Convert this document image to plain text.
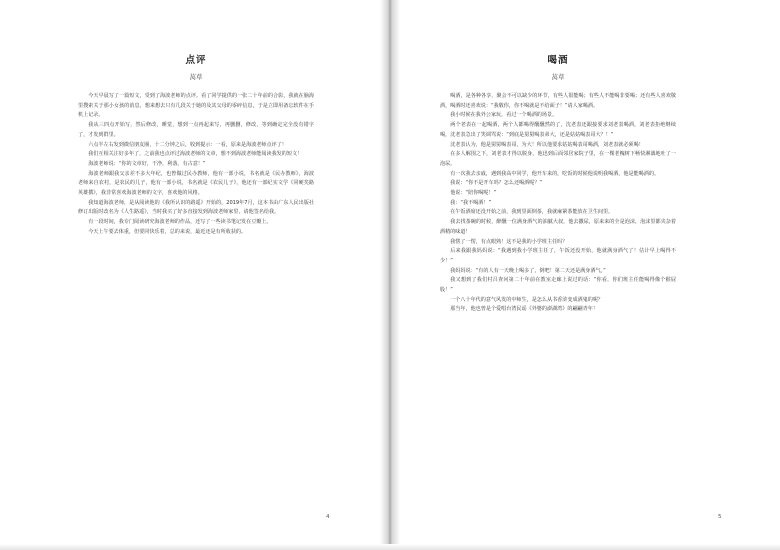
点评
莴草

今天早晨写了一篇短文，受到了海波老师的点评。看了同学提供的一张二十年前的合影，我就在脑海里搜索关于那小女孩的消息，想来想去只有几段关于她的及其父母的零碎信息，于是立即用备忘软件在手机上记录。

我从三四点开始写，然后修改，睡觉，想到一点再起来写，再删删，修改，等到确定完全没有错字了，才发到群里。

六点半左右发到微信朋友圈，十二分钟之后，收到提示：一看，原来是海波老师点评了！

我们互相关注好多年了，之前我也点评过海波老师的文章，想不到海波老师能阅读我发的短文！

海波老师说：“你的文章好，干净，利落，有古意！”

海波老师跟我父亲差不多大年纪，也曾做过民办教师，他有一部小说，书名就是《民办教师》，海波老师来自农村，是农民的儿子，他有一部小说，书名就是《农民儿子》，他还有一部纪实文学《同硬矣路英雄撰》，我非常喜欢海波老师的文字，喜欢他的风格。

我知道海波老师，是从阅读他的《我所认识的路遥》开始的，2019年7月，这本书由广东人民出版社修订出版时改名为《人生路遥》，当时我买了好多直接发到海波老师家里，请他签名给我。

有一段时间，我专门阅读研究海波老师的作品，还写了一些读书笔记发在豆瓣上。

今天上午要去体重，但要同快乐着，总的来说，最近还是有所收获的。

4
喝酒
莴草

喝酒，是各种各享，聚会不可以缺少的环节，有些人很能喝；有些人不能喝非要喝；还有些人喜欢敬酒，喝酒时还喜欢说：“我敬你，你不喝就是不给面子！”请人家喝酒。

我小时候在我外公家玩，看过一个喝酒的场景。

两个老表在一起喝酒，两个人都喝得醺醺然的了，沈老表还跟接要求刘老表喝酒，刘老表拒绝继续喝，沈老表急出了笑调骂说：“到底是舅舅喝表弟大，还是姑姑喝表哥大？！”

沈老表认为，他是舅舅喝表哥，为大！所以他要求姑姑喝表哥喝酒，刘老表就必须喝！

在多人解围之下，刘老表才得以脱身，他迅到后面邻居家院子里，在一棵老槐树下畅快淋漓地吐了一泡尿。

有一次我去亲戚，遇到我高中同学，他开车来的，吃饭的时候他说明我喝酒，他是能喝酒的。

我说：“你不是开车吗？怎么还喝酒呢？”

他说：“陪你喝呢！”

我：“我不喝酒！”

在午饭酒席还没开始之前，我到里面倒茶，我就麻紧茶能放在卫生间里。

我去找茶碗的时候，醉醺一位满身酒气的油腻大叔，他去撒尿，原来来的全是泡沫，泡沫里都夹杂着酒精的味道！

我愣了一愣，有点眼熟！这不是我的小学班主任吗？

后来我跟我妈妈说：“我遇到我小学班主任了，午饭还没开始，他就满身酒气了！估计早上喝得不少！”

我妈妈说：“有的人有一天晚上喝多了，倒吧！第二天还是满身酒气。”

我又想到了我们村吕查问第二十年前在教室走廊上说过的话：“你看，你们班主任能喝得像个猴屁股！”

一个八十年代的意气风发的中师生，是怎么从书香浒变成酒鬼的呢？

那当年，他也曾是个爱唱台湾民谣《外婆的澎湖湾》的翩翩青年！

5
